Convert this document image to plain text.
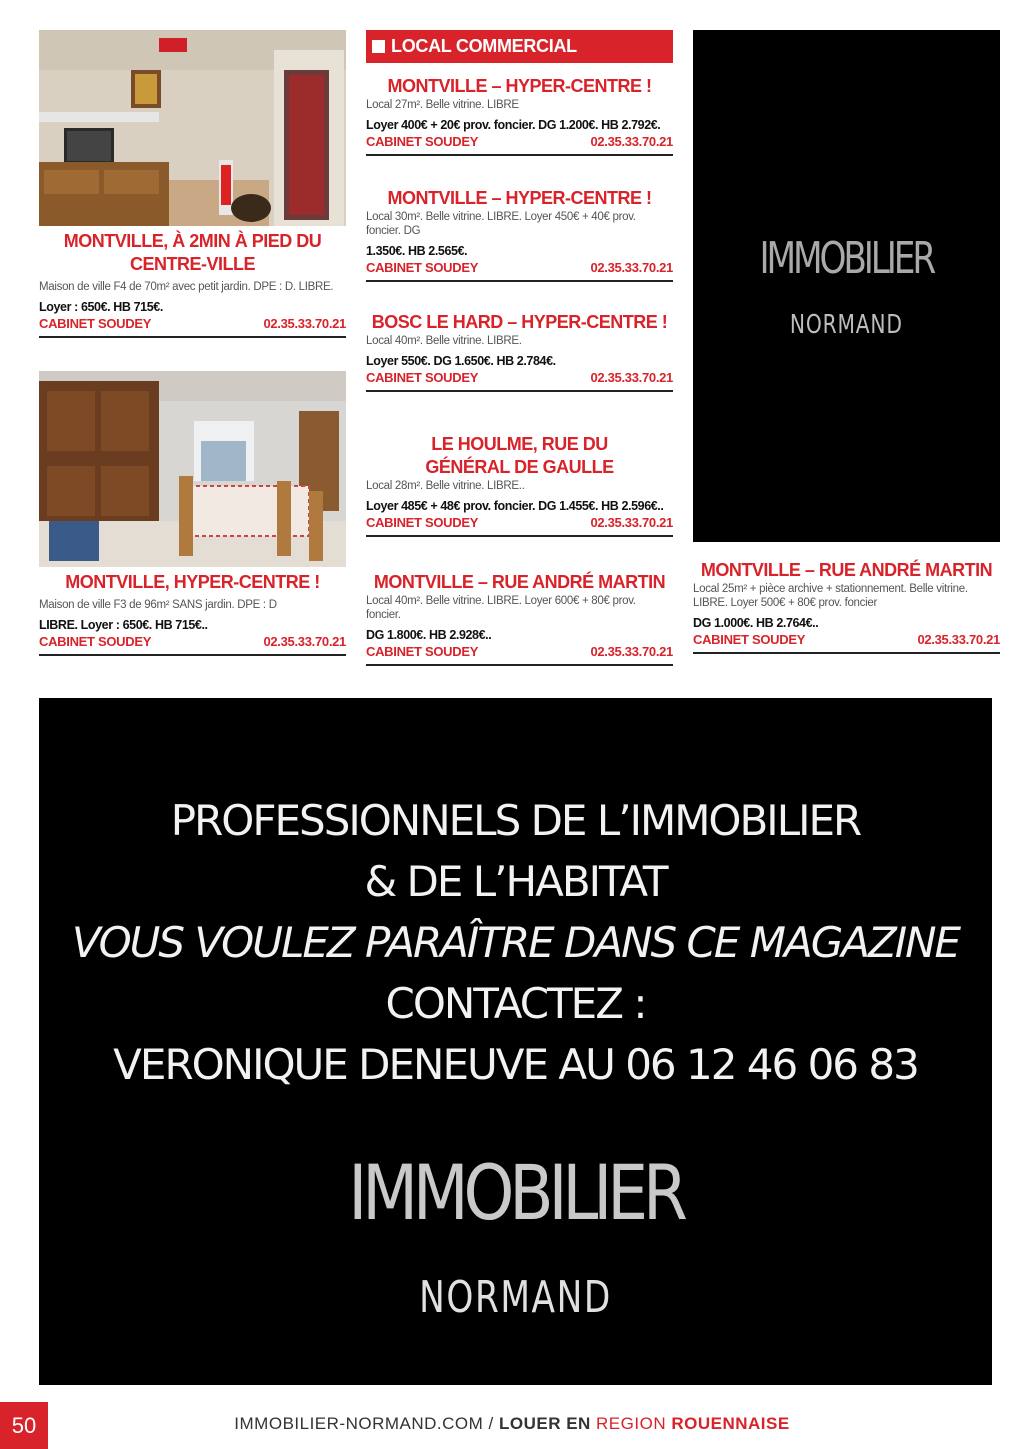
MONTVILLE, À 2MIN À PIED DU CENTRE-VILLE
Maison de ville F4 de 70m² avec petit jardin. DPE : D. LIBRE.
Loyer : 650€. HB 715€.
CABINET SOUDEY	02.35.33.70.21
MONTVILLE, HYPER-CENTRE !
Maison de ville F3 de 96m² SANS jardin. DPE : D
LIBRE. Loyer : 650€. HB 715€..
CABINET SOUDEY	02.35.33.70.21
LOCAL COMMERCIAL
MONTVILLE – HYPER-CENTRE !
Local 27m². Belle vitrine. LIBRE
Loyer 400€ + 20€ prov. foncier. DG 1.200€. HB 2.792€.
CABINET SOUDEY	02.35.33.70.21
MONTVILLE – HYPER-CENTRE !
Local 30m². Belle vitrine. LIBRE. Loyer 450€ + 40€ prov. foncier. DG
1.350€. HB 2.565€.
CABINET SOUDEY	02.35.33.70.21
BOSC LE HARD – HYPER-CENTRE !
Local 40m². Belle vitrine. LIBRE.
Loyer 550€. DG 1.650€. HB 2.784€.
CABINET SOUDEY	02.35.33.70.21
LE HOULME, RUE DU GÉNÉRAL DE GAULLE
Local 28m². Belle vitrine. LIBRE..
Loyer 485€ + 48€ prov. foncier. DG 1.455€. HB 2.596€..
CABINET SOUDEY	02.35.33.70.21
MONTVILLE – RUE ANDRÉ MARTIN
Local 40m². Belle vitrine. LIBRE. Loyer 600€ + 80€ prov. foncier.
DG 1.800€. HB 2.928€..
CABINET SOUDEY	02.35.33.70.21
IMMOBILIER
NORMAND
MONTVILLE – RUE ANDRÉ MARTIN
Local 25m² + pièce archive + stationnement. Belle vitrine. LIBRE. Loyer 500€ + 80€ prov. foncier
DG 1.000€. HB 2.764€..
CABINET SOUDEY	02.35.33.70.21
PROFESSIONNELS DE L’IMMOBILIER
& DE L’HABITAT
VOUS VOULEZ PARAÎTRE DANS CE MAGAZINE
CONTACTEZ :
VERONIQUE DENEUVE AU 06 12 46 06 83
IMMOBILIER
NORMAND
50	IMMOBILIER-NORMAND.COM / LOUER EN REGION ROUENNAISE
